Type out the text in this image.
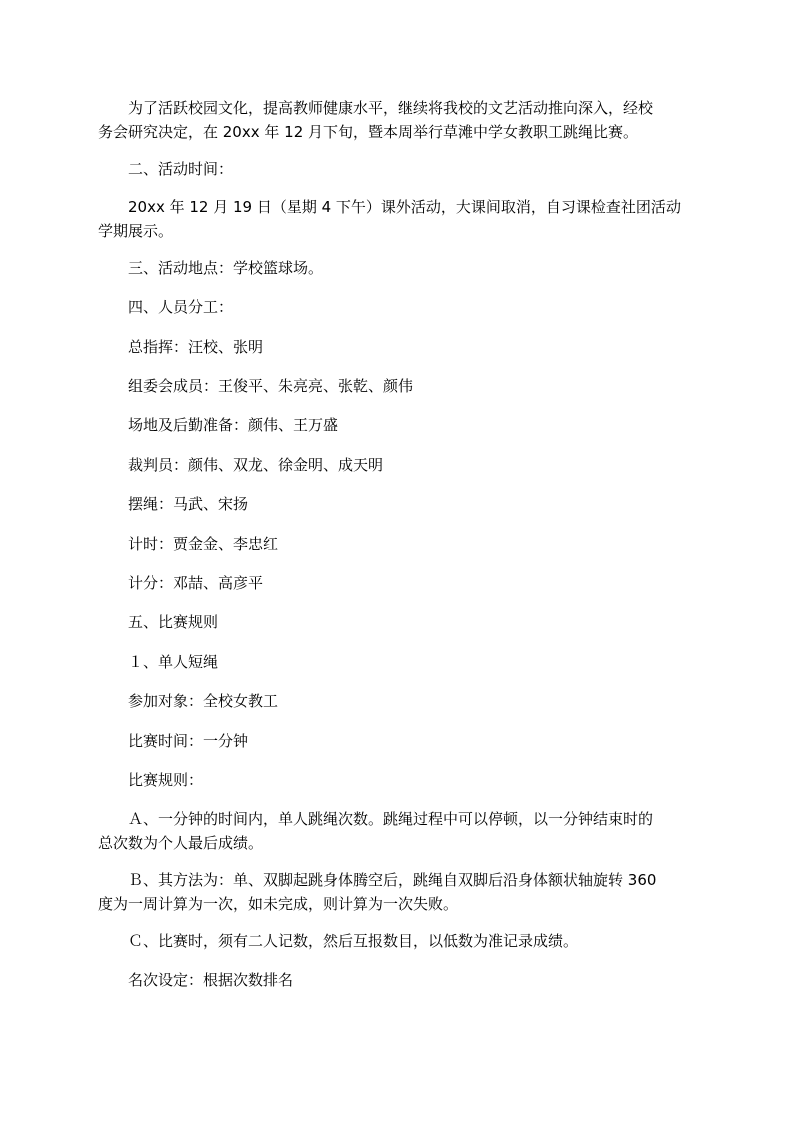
为了活跃校园文化，提高教师健康水平，继续将我校的文艺活动推向深入，经校
务会研究决定，在 20xx 年 12 月下旬，暨本周举行草滩中学女教职工跳绳比赛。

二、活动时间：

20xx 年 12 月 19 日（星期 4 下午）课外活动，大课间取消，自习课检查社团活动
学期展示。

三、活动地点：学校篮球场。

四、人员分工：

总指挥：汪校、张明

组委会成员：王俊平、朱亮亮、张乾、颜伟

场地及后勤准备：颜伟、王万盛

裁判员：颜伟、双龙、徐金明、成天明

摆绳：马武、宋扬

计时：贾金金、李忠红

计分：邓喆、高彦平

五、比赛规则

１、单人短绳

参加对象：全校女教工

比赛时间：一分钟

比赛规则：

Ａ、一分钟的时间内，单人跳绳次数。跳绳过程中可以停顿，以一分钟结束时的
总次数为个人最后成绩。

Ｂ、其方法为：单、双脚起跳身体腾空后，跳绳自双脚后沿身体额状轴旋转 360
度为一周计算为一次，如未完成，则计算为一次失败。

Ｃ、比赛时，须有二人记数，然后互报数目，以低数为准记录成绩。

名次设定：根据次数排名
